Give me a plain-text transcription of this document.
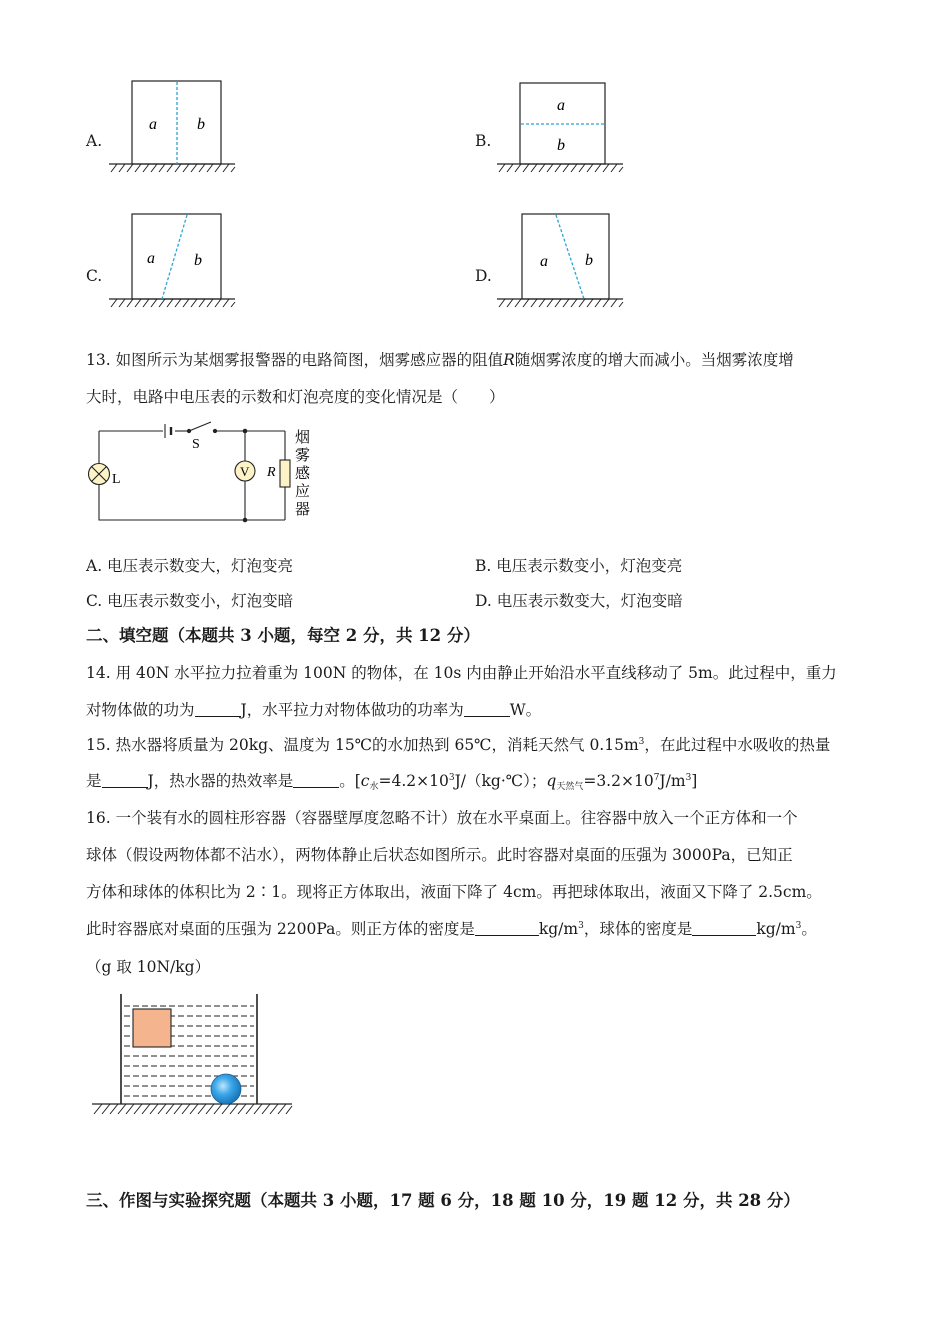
A.
a	b
B.
a
b
C.
a b
D.
a b
13. 如图所示为某烟雾报警器的电路简图，烟雾感应器的阻值R随烟雾浓度的增大而减小。当烟雾浓度增
大时，电路中电压表的示数和灯泡亮度的变化情况是（　　）
S
L
V R
烟
雾
感
应
器
A. 电压表示数变大，灯泡变亮	B. 电压表示数变小，灯泡变亮
C. 电压表示数变小，灯泡变暗	D. 电压表示数变大，灯泡变暗
二、填空题（本题共 3 小题，每空 2 分，共 12 分）
14. 用 40N 水平拉力拉着重为 100N 的物体，在 10s 内由静止开始沿水平直线移动了 5m。此过程中，重力
对物体做的功为	J，水平拉力对物体做功的功率为	W。
15. 热水器将质量为 20kg、温度为 15℃的水加热到 65℃，消耗天然气 $0.15m^3$，在此过程中水吸收的热量
是	J，热水器的热效率是	。[$c_水=4.2\times 10^3J/(kg\cdot℃)$；$q_{天然气}=3.2\times 10^7J/m^3$]
16. 一个装有水的圆柱形容器（容器壁厚度忽略不计）放在水平桌面上。往容器中放入一个正方体和一个
球体（假设两物体都不沾水），两物体静止后状态如图所示。此时容器对桌面的压强为 3000Pa，已知正
方体和球体的体积比为 2∶1。现将正方体取出，液面下降了 4cm。再把球体取出，液面又下降了 2.5cm。
此时容器底对桌面的压强为 2200Pa。则正方体的密度是	$kg/m^3$，球体的密度是	$kg/m^3$。
（g 取 10N/kg）
三、作图与实验探究题（本题共 3 小题，17 题 6 分，18 题 10 分，19 题 12 分，共 28 分）
